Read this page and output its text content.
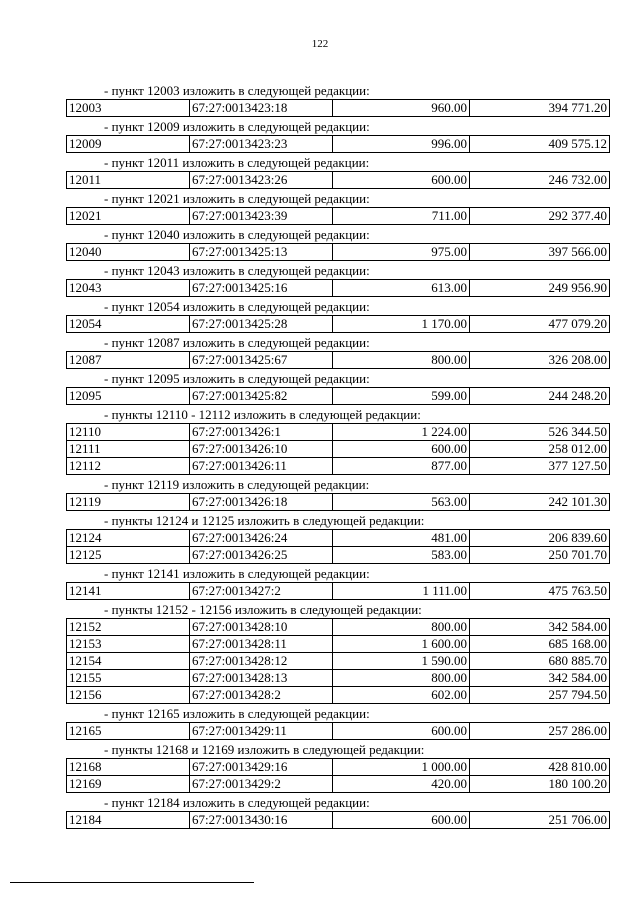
122
- пункт 12003 изложить в следующей редакции:
12003	67:27:0013423:18	960.00	394 771.20
- пункт 12009 изложить в следующей редакции:
12009	67:27:0013423:23	996.00	409 575.12
- пункт 12011 изложить в следующей редакции:
12011	67:27:0013423:26	600.00	246 732.00
- пункт 12021 изложить в следующей редакции:
12021	67:27:0013423:39	711.00	292 377.40
- пункт 12040 изложить в следующей редакции:
12040	67:27:0013425:13	975.00	397 566.00
- пункт 12043 изложить в следующей редакции:
12043	67:27:0013425:16	613.00	249 956.90
- пункт 12054 изложить в следующей редакции:
12054	67:27:0013425:28	1 170.00	477 079.20
- пункт 12087 изложить в следующей редакции:
12087	67:27:0013425:67	800.00	326 208.00
- пункт 12095 изложить в следующей редакции:
12095	67:27:0013425:82	599.00	244 248.20
- пункты 12110 - 12112 изложить в следующей редакции:
12110	67:27:0013426:1	1 224.00	526 344.50
12111	67:27:0013426:10	600.00	258 012.00
12112	67:27:0013426:11	877.00	377 127.50
- пункт 12119 изложить в следующей редакции:
12119	67:27:0013426:18	563.00	242 101.30
- пункты 12124 и 12125 изложить в следующей редакции:
12124	67:27:0013426:24	481.00	206 839.60
12125	67:27:0013426:25	583.00	250 701.70
- пункт 12141 изложить в следующей редакции:
12141	67:27:0013427:2	1 111.00	475 763.50
- пункты 12152 - 12156 изложить в следующей редакции:
12152	67:27:0013428:10	800.00	342 584.00
12153	67:27:0013428:11	1 600.00	685 168.00
12154	67:27:0013428:12	1 590.00	680 885.70
12155	67:27:0013428:13	800.00	342 584.00
12156	67:27:0013428:2	602.00	257 794.50
- пункт 12165 изложить в следующей редакции:
12165	67:27:0013429:11	600.00	257 286.00
- пункты 12168 и 12169 изложить в следующей редакции:
12168	67:27:0013429:16	1 000.00	428 810.00
12169	67:27:0013429:2	420.00	180 100.20
- пункт 12184 изложить в следующей редакции:
12184	67:27:0013430:16	600.00	251 706.00
